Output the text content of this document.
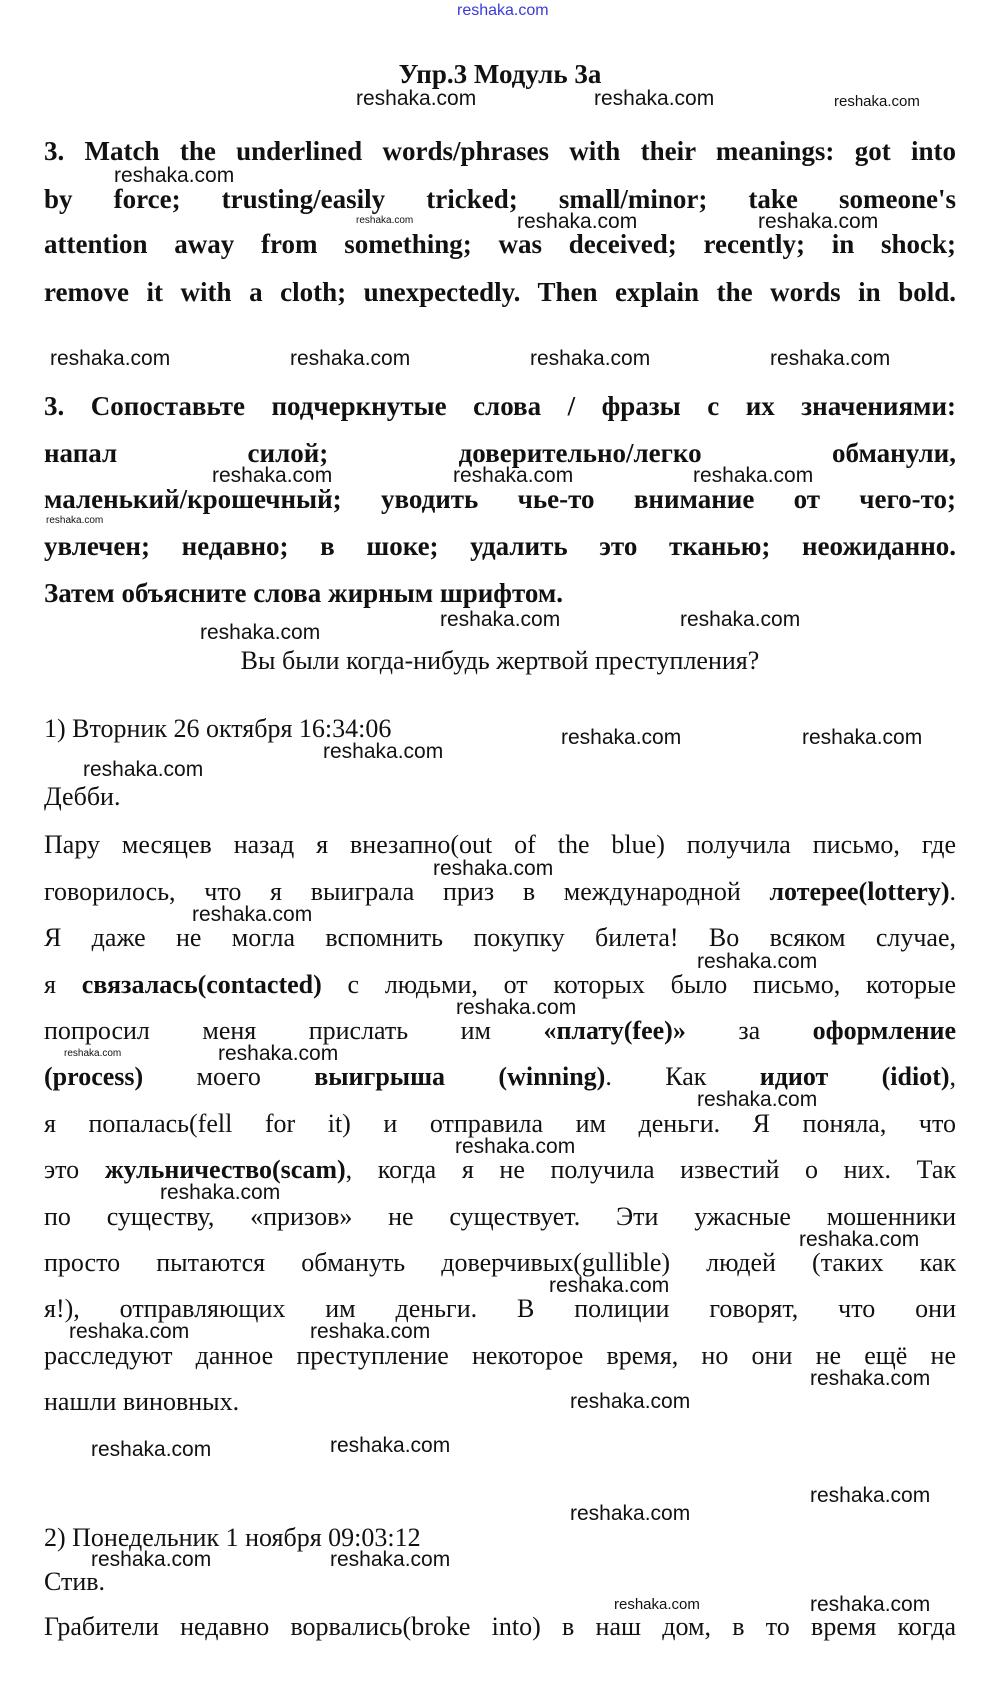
Упр.3 Модуль 3а
Вы были когда-нибудь жертвой преступления?
1) Вторник 26 октября 16:34:06
Дебби.
2) Понедельник 1 ноября 09:03:12
Стив.
3. Match the underlined words/phrases with their meanings: got into
by force; trusting/easily tricked; small/minor; take someone's
attention away from something; was deceived; recently; in shock;
remove it with a cloth; unexpectedly. Then explain the words in bold.
3. Сопоставьте подчеркнутые слова / фразы с их значениями:
напал силой; доверительно/легко обманули,
маленький/крошечный; уводить чье-то внимание от чего-то;
увлечен; недавно; в шоке; удалить это тканью; неожиданно.
Затем объясните слова жирным шрифтом.
Пару месяцев назад я внезапно(out of the blue) получила письмо, где
говорилось, что я выиграла приз в международной лотерее(lottery).
Я даже не могла вспомнить покупку билета! Во всяком случае,
я связалась(contacted) с людьми, от которых было письмо, которые
попросил меня прислать им «плату(fee)» за оформление
(process) моего выигрыша (winning). Как идиот (idiot),
я попалась(fell for it) и отправила им деньги. Я поняла, что
это жульничество(scam), когда я не получила известий о них. Так
по существу, «призов» не существует. Эти ужасные мошенники
просто пытаются обмануть доверчивых(gullible) людей (таких как
я!), отправляющих им деньги. В полиции говорят, что они
расследуют данное преступление некоторое время, но они не ещё не
нашли виновных.
Грабители недавно ворвались(broke into) в наш дом, в то время когда
reshaka.com
reshaka.com	reshaka.com	reshaka.com
reshaka.com
reshaka.com	reshaka.com	reshaka.com
reshaka.com	reshaka.com	reshaka.com	reshaka.com
reshaka.com	reshaka.com	reshaka.com
reshaka.com
reshaka.com	reshaka.com
reshaka.com
reshaka.com	reshaka.com
reshaka.com
reshaka.com
reshaka.com
reshaka.com
reshaka.com
reshaka.com
reshaka.com	reshaka.com
reshaka.com
reshaka.com
reshaka.com
reshaka.com
reshaka.com
reshaka.com	reshaka.com
reshaka.com
reshaka.com
reshaka.com	reshaka.com
reshaka.com
reshaka.com
reshaka.com	reshaka.com
reshaka.com
reshaka.com
